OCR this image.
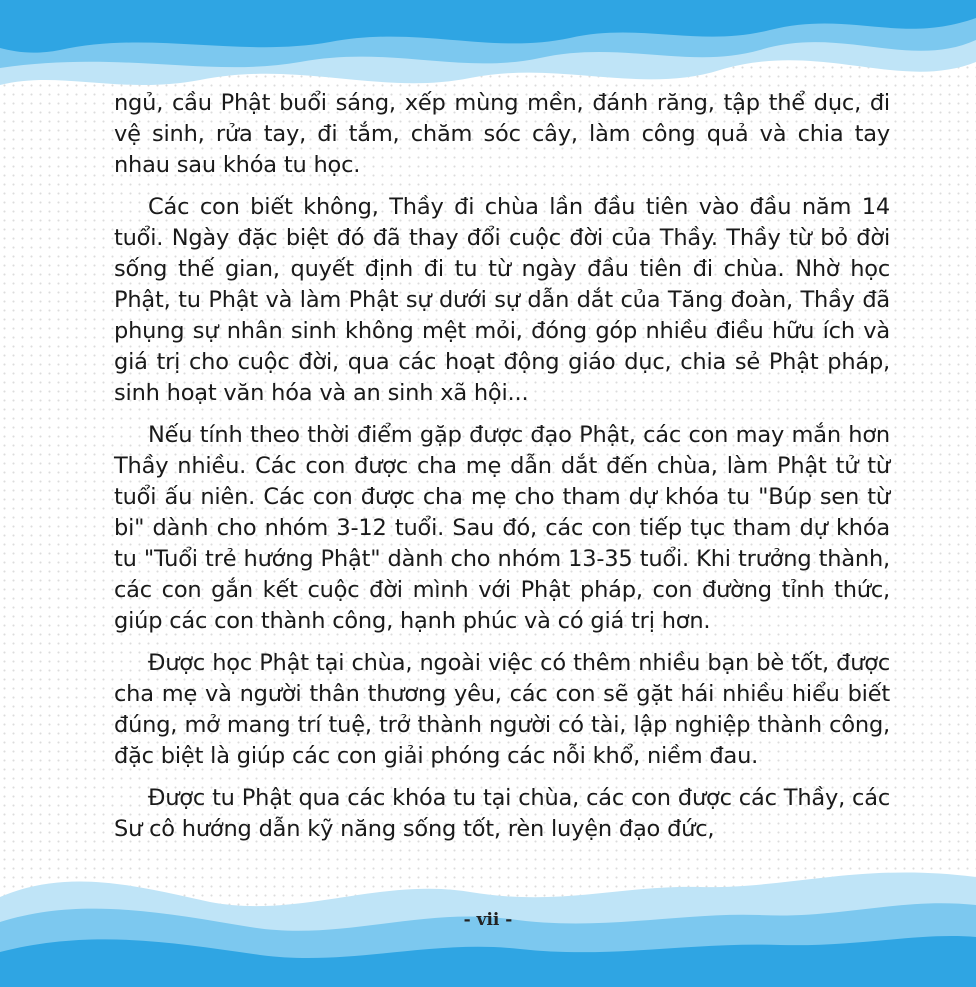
ngủ, cầu Phật buổi sáng, xếp mùng mền, đánh răng, tập thể dục, đi vệ sinh, rửa tay, đi tắm, chăm sóc cây, làm công quả và chia tay nhau sau khóa tu học.

Các con biết không, Thầy đi chùa lần đầu tiên vào đầu năm 14 tuổi. Ngày đặc biệt đó đã thay đổi cuộc đời của Thầy. Thầy từ bỏ đời sống thế gian, quyết định đi tu từ ngày đầu tiên đi chùa. Nhờ học Phật, tu Phật và làm Phật sự dưới sự dẫn dắt của Tăng đoàn, Thầy đã phụng sự nhân sinh không mệt mỏi, đóng góp nhiều điều hữu ích và giá trị cho cuộc đời, qua các hoạt động giáo dục, chia sẻ Phật pháp, sinh hoạt văn hóa và an sinh xã hội...

Nếu tính theo thời điểm gặp được đạo Phật, các con may mắn hơn Thầy nhiều. Các con được cha mẹ dẫn dắt đến chùa, làm Phật tử từ tuổi ấu niên. Các con được cha mẹ cho tham dự khóa tu "Búp sen từ bi" dành cho nhóm 3-12 tuổi. Sau đó, các con tiếp tục tham dự khóa tu "Tuổi trẻ hướng Phật" dành cho nhóm 13-35 tuổi. Khi trưởng thành, các con gắn kết cuộc đời mình với Phật pháp, con đường tỉnh thức, giúp các con thành công, hạnh phúc và có giá trị hơn.

Được học Phật tại chùa, ngoài việc có thêm nhiều bạn bè tốt, được cha mẹ và người thân thương yêu, các con sẽ gặt hái nhiều hiểu biết đúng, mở mang trí tuệ, trở thành người có tài, lập nghiệp thành công, đặc biệt là giúp các con giải phóng các nỗi khổ, niềm đau.

Được tu Phật qua các khóa tu tại chùa, các con được các Thầy, các Sư cô hướng dẫn kỹ năng sống tốt, rèn luyện đạo đức,

- vii -
